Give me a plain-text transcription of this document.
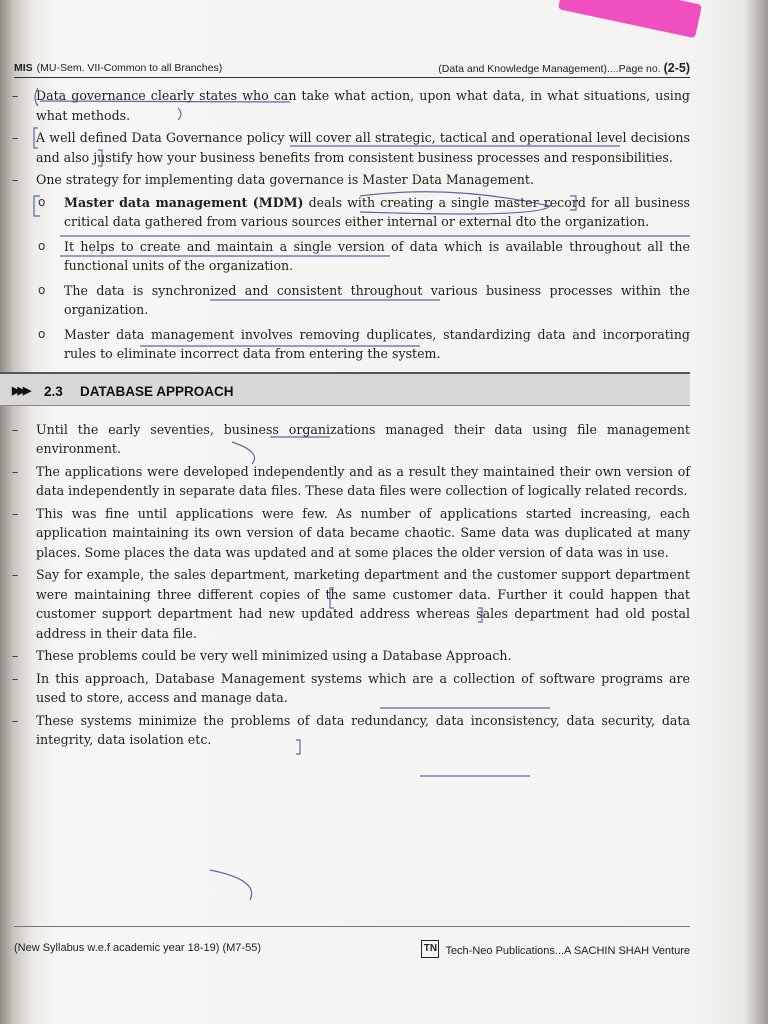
MIS (MU-Sem. VII-Common to all Branches)	(Data and Knowledge Management)....Page no. (2-5)

– Data governance clearly states who can take what action, upon what data, in what situations, using what methods.

– A well defined Data Governance policy will cover all strategic, tactical and operational level decisions and also justify how your business benefits from consistent business processes and responsibilities.

– One strategy for implementing data governance is Master Data Management.

o Master data management (MDM) deals with creating a single master record for all business critical data gathered from various sources either internal or external dto the organization.
o It helps to create and maintain a single version of data which is available throughout all the functional units of the organization.
o The data is synchronized and consistent throughout various business processes within the organization.
o Master data management involves removing duplicates, standardizing data and incorporating rules to eliminate incorrect data from entering the system.
▶▶▶ 2.3 DATABASE APPROACH

– Until the early seventies, business organizations managed their data using file management environment.

– The applications were developed independently and as a result they maintained their own version of data independently in separate data files. These data files were collection of logically related records.

– This was fine until applications were few. As number of applications started increasing, each application maintaining its own version of data became chaotic. Same data was duplicated at many places. Some places the data was updated and at some places the older version of data was in use.

– Say for example, the sales department, marketing department and the customer support department were maintaining three different copies of the same customer data. Further it could happen that customer support department had new updated address whereas sales department had old postal address in their data file.

– These problems could be very well minimized using a Database Approach.

– In this approach, Database Management systems which are a collection of software programs are used to store, access and manage data.

– These systems minimize the problems of data redundancy, data inconsistency, data security, data integrity, data isolation etc.

(New Syllabus w.e.f academic year 18-19) (M7-55)	TN Tech-Neo Publications...A SACHIN SHAH Venture
